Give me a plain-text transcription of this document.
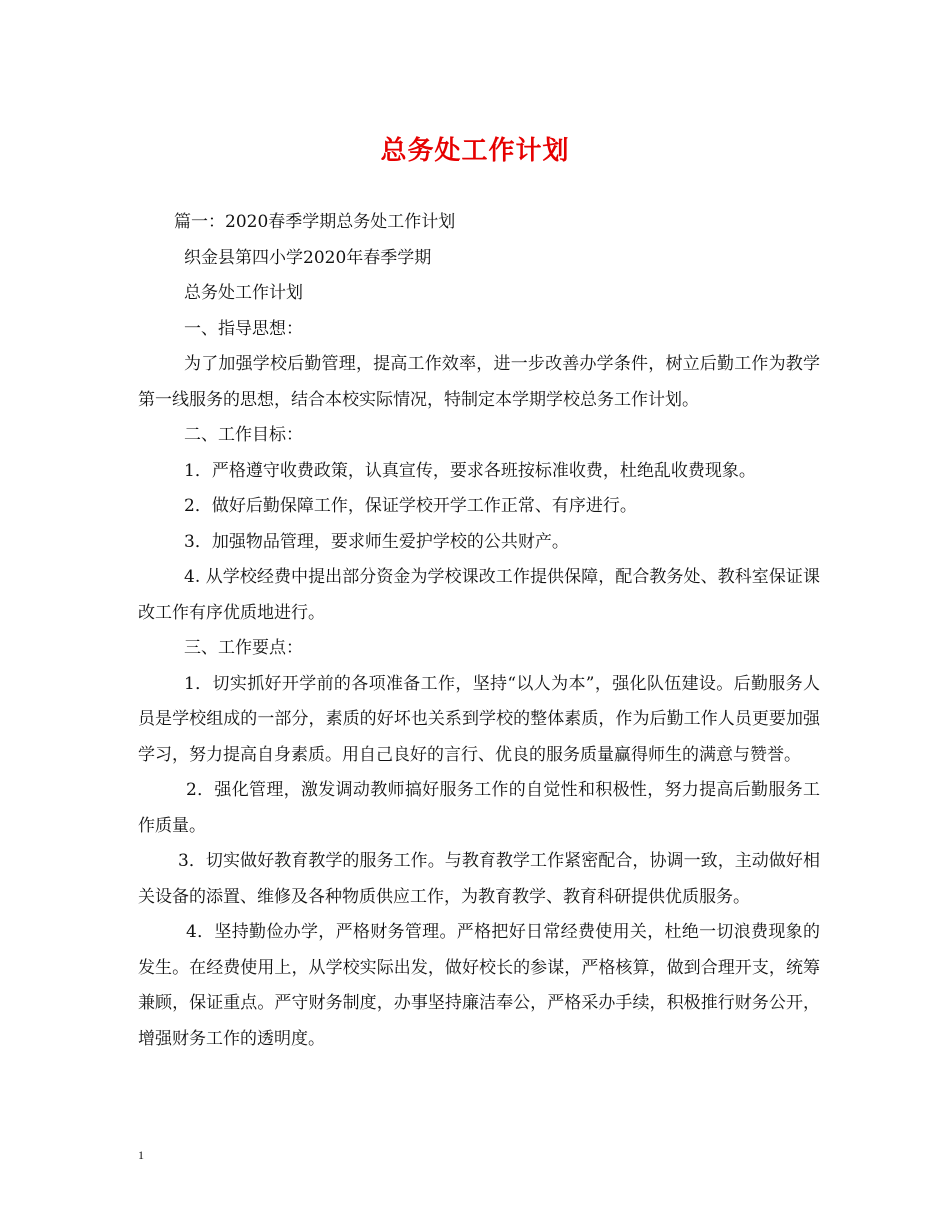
总务处工作计划

篇一：2020春季学期总务处工作计划

织金县第四小学2020年春季学期

总务处工作计划

一、指导思想：

为了加强学校后勤管理，提高工作效率，进一步改善办学条件，树立后勤工作为教学第一线服务的思想，结合本校实际情况，特制定本学期学校总务工作计划。

二、工作目标：

1．严格遵守收费政策，认真宣传，要求各班按标准收费，杜绝乱收费现象。

2．做好后勤保障工作，保证学校开学工作正常、有序进行。

3．加强物品管理，要求师生爱护学校的公共财产。

4. 从学校经费中提出部分资金为学校课改工作提供保障，配合教务处、教科室保证课改工作有序优质地进行。

三、工作要点：

1．切实抓好开学前的各项准备工作，坚持“以人为本”，强化队伍建设。后勤服务人员是学校组成的一部分，素质的好坏也关系到学校的整体素质，作为后勤工作人员更要加强学习，努力提高自身素质。用自己良好的言行、优良的服务质量赢得师生的满意与赞誉。

2．强化管理，激发调动教师搞好服务工作的自觉性和积极性，努力提高后勤服务工作质量。

3．切实做好教育教学的服务工作。与教育教学工作紧密配合，协调一致，主动做好相关设备的添置、维修及各种物质供应工作，为教育教学、教育科研提供优质服务。

4．坚持勤俭办学，严格财务管理。严格把好日常经费使用关，杜绝一切浪费现象的发生。在经费使用上，从学校实际出发，做好校长的参谋，严格核算，做到合理开支，统筹兼顾，保证重点。严守财务制度，办事坚持廉洁奉公，严格采办手续，积极推行财务公开，增强财务工作的透明度。

1
